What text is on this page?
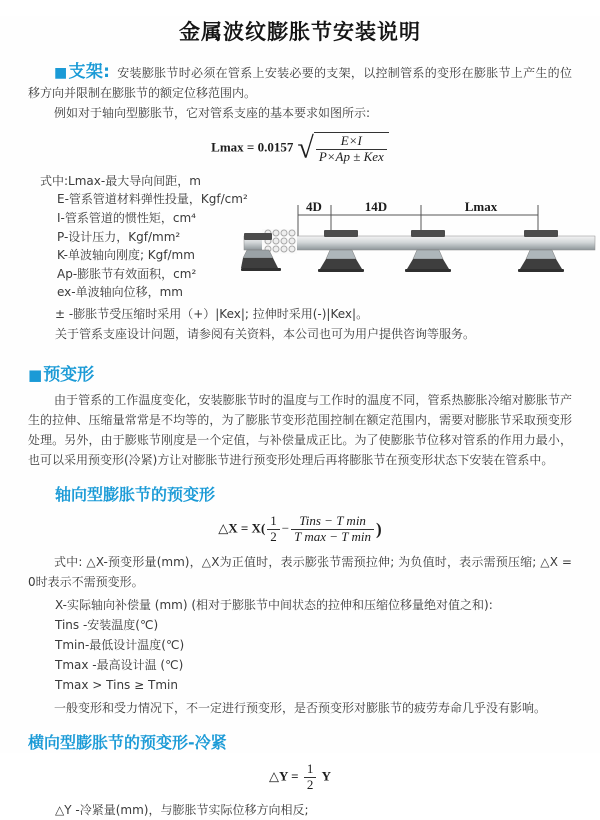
金属波纹膨胀节安装说明

■支架: 安装膨胀节时必须在管系上安装必要的支架，以控制管系的变形在膨胀节上产生的位移方向并限制在膨胀节的额定位移范围内。

例如对于轴向型膨胀节，它对管系支座的基本要求如图所示:

Lmax = 0.0157 √ $\frac{E\times I}{\text{P×Ap ± Kex}}$
式中:Lmax-最大导向间距，m
E-管系管道材料弹性投量，Kgf/cm²
I-管系管道的惯性矩，cm⁴
P-设计压力，Kgf/mm²
K-单波轴向刚度; Kgf/mm
Ap-膨胀节有效面积，cm²
ex-单波轴向位移，mm
4D	14D	Lmax
± -膨胀节受压缩时采用（+）|Kex|; 拉伸时采用(-)|Kex|。
关于管系支座设计问题，请参阅有关资料，本公司也可为用户提供咨询等服务。
■预变形

由于管系的工作温度变化，安装膨胀节时的温度与工作时的温度不同，管系热膨胀冷缩对膨胀节产生的拉伸、压缩量常常是不均等的，为了膨胀节变形范围控制在额定范围内，需要对膨胀节采取预变形处理。另外，由于膨账节刚度是一个定值，与补偿量成正比。为了使膨胀节位移对管系的作用力最小，也可以采用预变形(冷紧)方让对膨胀节进行预变形处理后再将膨胀节在预变形状态下安装在管系中。

轴向型膨胀节的预变形
△X = $X( \frac{1}{2} - \frac{\text{Tins − T min}}{\text{T max − T min}}$ )

式中: △X-预变形量(mm)，△X为正值时，表示膨张节需预拉伸; 为负值时，表示需预压缩; △X = 0时表示不需预变形。

X-实际轴向补偿量 (mm) (相对于膨胀节中间状态的拉伸和压缩位移量绝对值之和):
Tins -安装温度(℃)
Tmin-最低设计温度(℃)
Tmax -最高设计温 (℃)
Tmax > Tins ≥ Tmin

一般变形和受力情况下，不一定进行预变形，是否预变形对膨胀节的疲劳寿命几乎没有影响。

横向型膨胀节的预变形-冷紧
△Y = $\frac{1}{2}$ Y
△Y -冷紧量(mm)，与膨胀节实际位移方向相反;
